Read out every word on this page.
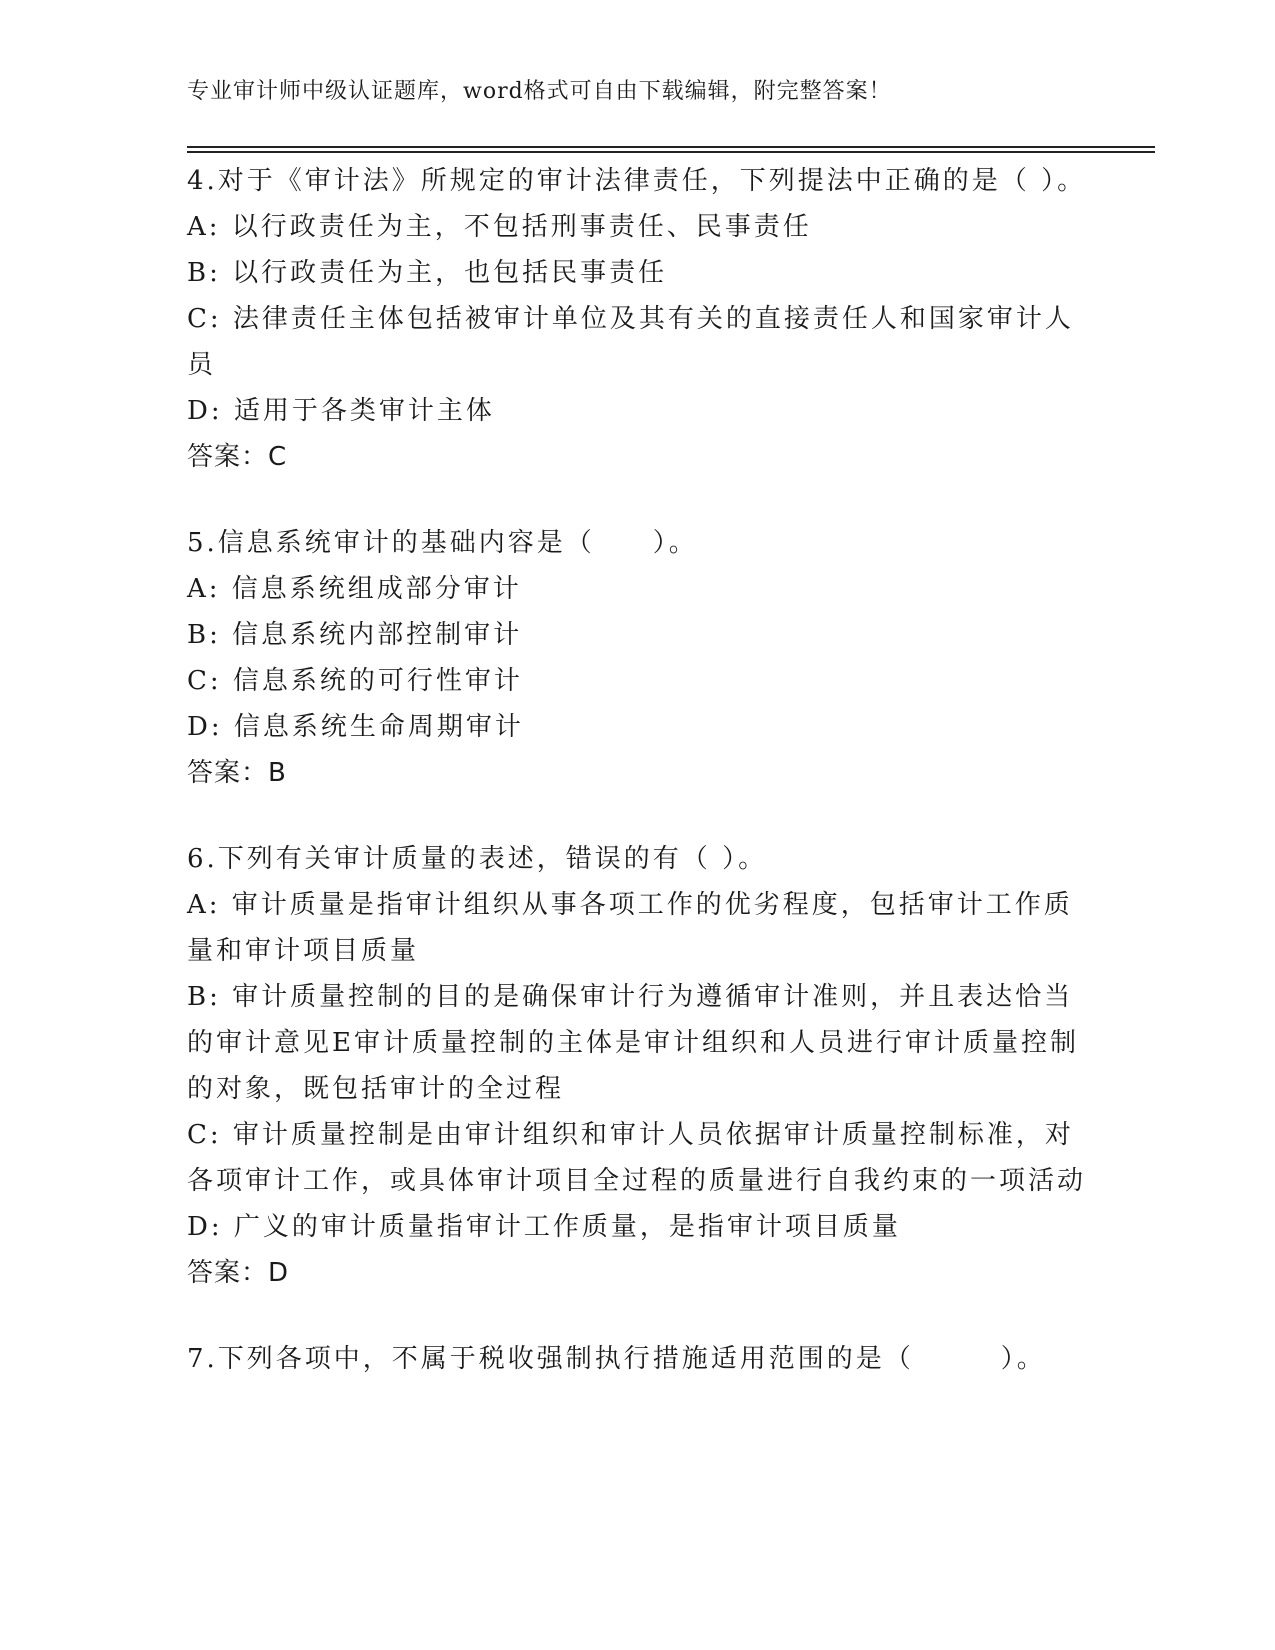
专业审计师中级认证题库，word格式可自由下载编辑，附完整答案！

4.对于《审计法》所规定的审计法律责任，下列提法中正确的是（ ）。

A: 以行政责任为主，不包括刑事责任、民事责任

B: 以行政责任为主，也包括民事责任

C: 法律责任主体包括被审计单位及其有关的直接责任人和国家审计人员

D: 适用于各类审计主体

答案：C

5.信息系统审计的基础内容是（　　）。

A: 信息系统组成部分审计

B: 信息系统内部控制审计

C: 信息系统的可行性审计

D: 信息系统生命周期审计

答案：B

6.下列有关审计质量的表述，错误的有（ ）。

A: 审计质量是指审计组织从事各项工作的优劣程度，包括审计工作质量和审计项目质量

B: 审计质量控制的目的是确保审计行为遵循审计准则，并且表达恰当的审计意见E审计质量控制的主体是审计组织和人员进行审计质量控制的对象，既包括审计的全过程

C: 审计质量控制是由审计组织和审计人员依据审计质量控制标准，对各项审计工作，或具体审计项目全过程的质量进行自我约束的一项活动

D: 广义的审计质量指审计工作质量，是指审计项目质量

答案：D

7.下列各项中，不属于税收强制执行措施适用范围的是（　　　）。
